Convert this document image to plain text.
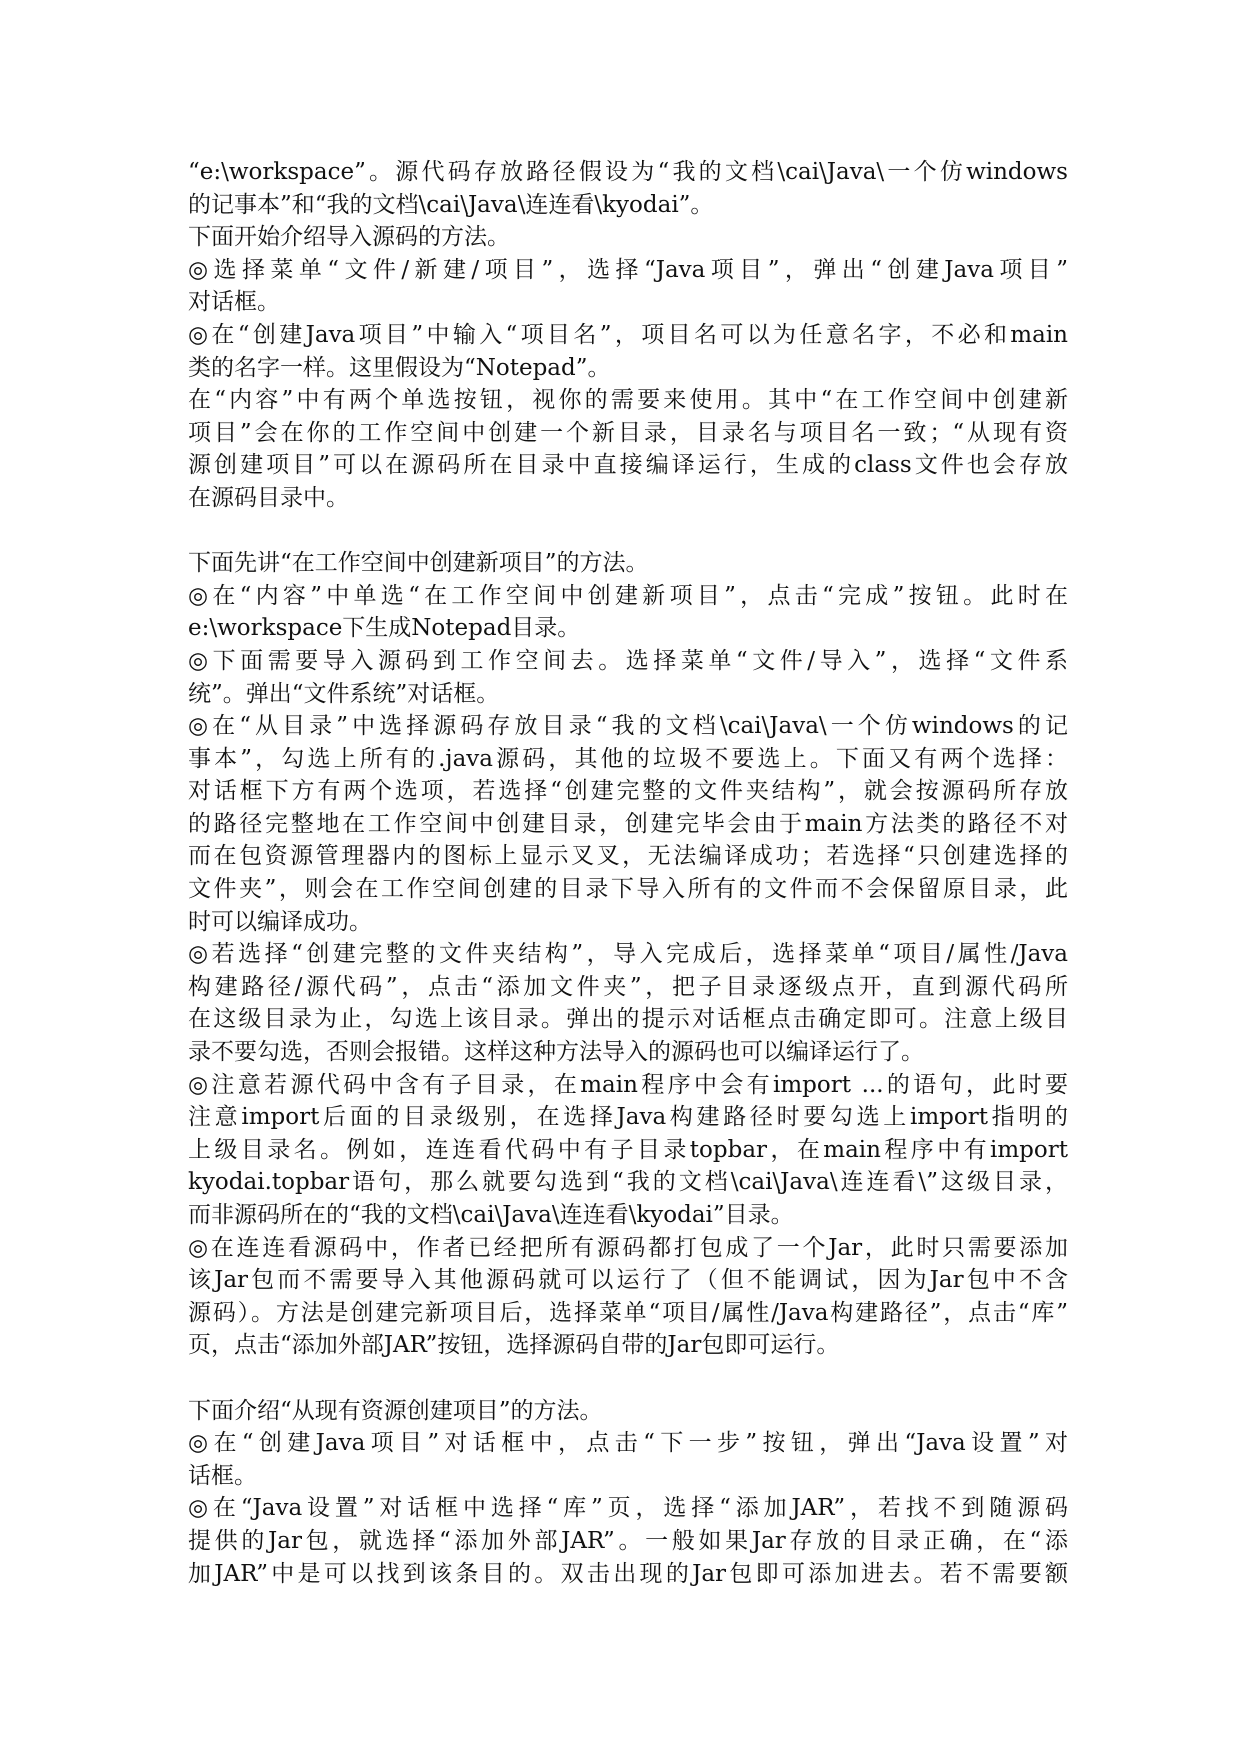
“e:\workspace”。源代码存放路径假设为“我的文档\cai\Java\一个仿windows
的记事本”和“我的文档\cai\Java\连连看\kyodai”。
下面开始介绍导入源码的方法。
◎选择菜单“文件/新建/项目”，选择“Java项目”，弹出“创建Java项目”
对话框。
◎在“创建Java项目”中输入“项目名”，项目名可以为任意名字，不必和main
类的名字一样。这里假设为“Notepad”。
在“内容”中有两个单选按钮，视你的需要来使用。其中“在工作空间中创建新
项目”会在你的工作空间中创建一个新目录，目录名与项目名一致；“从现有资
源创建项目”可以在源码所在目录中直接编译运行，生成的class文件也会存放
在源码目录中。
下面先讲“在工作空间中创建新项目”的方法。
◎在“内容”中单选“在工作空间中创建新项目”，点击“完成”按钮。此时在
e:\workspace下生成Notepad目录。
◎下面需要导入源码到工作空间去。选择菜单“文件/导入”，选择“文件系
统”。弹出“文件系统”对话框。
◎在“从目录”中选择源码存放目录“我的文档\cai\Java\一个仿windows的记
事本”，勾选上所有的.java源码，其他的垃圾不要选上。下面又有两个选择：
对话框下方有两个选项，若选择“创建完整的文件夹结构”，就会按源码所存放
的路径完整地在工作空间中创建目录，创建完毕会由于main方法类的路径不对
而在包资源管理器内的图标上显示叉叉，无法编译成功；若选择“只创建选择的
文件夹”，则会在工作空间创建的目录下导入所有的文件而不会保留原目录，此
时可以编译成功。
◎若选择“创建完整的文件夹结构”，导入完成后，选择菜单“项目/属性/Java
构建路径/源代码”，点击“添加文件夹”，把子目录逐级点开，直到源代码所
在这级目录为止，勾选上该目录。弹出的提示对话框点击确定即可。注意上级目
录不要勾选，否则会报错。这样这种方法导入的源码也可以编译运行了。
◎注意若源代码中含有子目录，在main程序中会有import ...的语句，此时要
注意import后面的目录级别，在选择Java构建路径时要勾选上import指明的
上级目录名。例如，连连看代码中有子目录topbar，在main程序中有import
kyodai.topbar语句，那么就要勾选到“我的文档\cai\Java\连连看\”这级目录，
而非源码所在的“我的文档\cai\Java\连连看\kyodai”目录。
◎在连连看源码中，作者已经把所有源码都打包成了一个Jar，此时只需要添加
该Jar包而不需要导入其他源码就可以运行了（但不能调试，因为Jar包中不含
源码）。方法是创建完新项目后，选择菜单“项目/属性/Java构建路径”，点击“库”
页，点击“添加外部JAR”按钮，选择源码自带的Jar包即可运行。
下面介绍“从现有资源创建项目”的方法。
◎在“创建Java项目”对话框中，点击“下一步”按钮，弹出“Java设置”对
话框。
◎在“Java设置”对话框中选择“库”页，选择“添加JAR”，若找不到随源码
提供的Jar包，就选择“添加外部JAR”。一般如果Jar存放的目录正确，在“添
加JAR”中是可以找到该条目的。双击出现的Jar包即可添加进去。若不需要额
